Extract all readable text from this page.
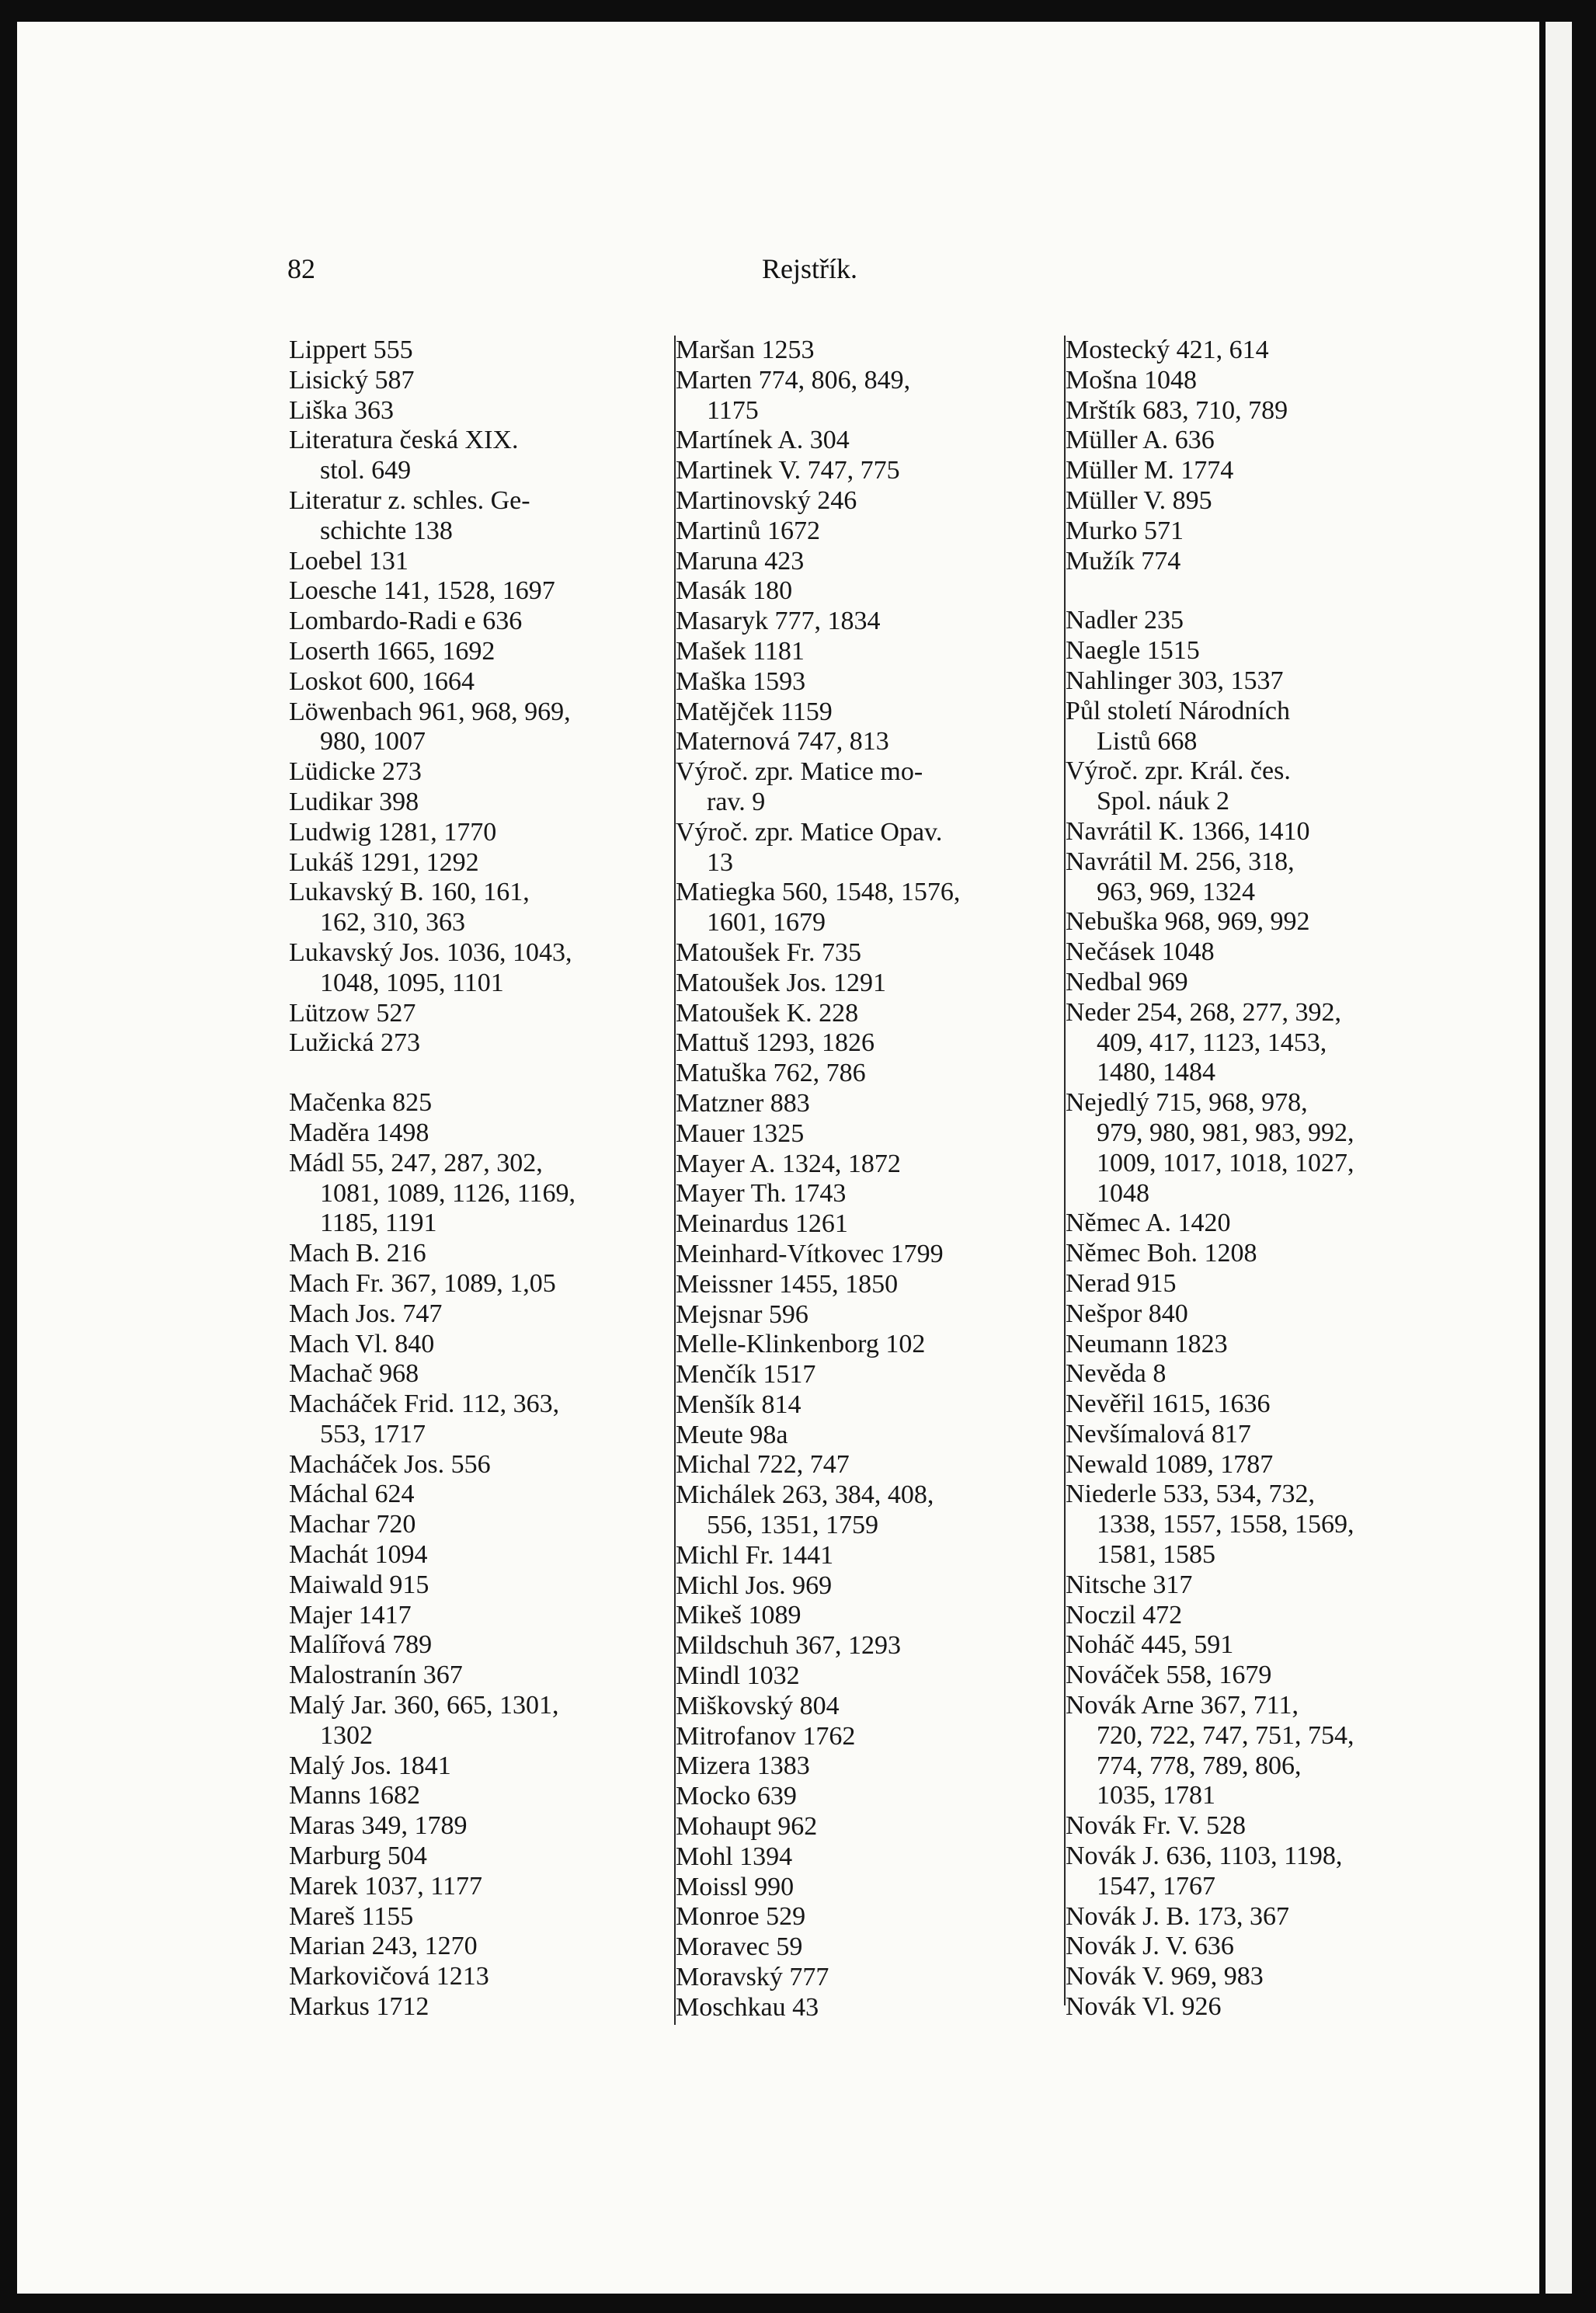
82	Rejstřík.
Lippert 555
Lisický 587
Liška 363
Literatura česká XIX.
stol. 649
Literatur z. schles. Ge-
schichte 138
Loebel 131
Loesche 141, 1528, 1697
Lombardo-Radi e 636
Loserth 1665, 1692
Loskot 600, 1664
Löwenbach 961, 968, 969,
980, 1007
Lüdicke 273
Ludikar 398
Ludwig 1281, 1770
Lukáš 1291, 1292
Lukavský B. 160, 161,
162, 310, 363
Lukavský Jos. 1036, 1043,
1048, 1095, 1101
Lützow 527
Lužická 273
Mačenka 825
Maděra 1498
Mádl 55, 247, 287, 302,
1081, 1089, 1126, 1169,
1185, 1191
Mach B. 216
Mach Fr. 367, 1089, 1,05
Mach Jos. 747
Mach Vl. 840
Machač 968
Macháček Frid. 112, 363,
553, 1717
Macháček Jos. 556
Máchal 624
Machar 720
Machát 1094
Maiwald 915
Majer 1417
Malířová 789
Malostranín 367
Malý Jar. 360, 665, 1301,
1302
Malý Jos. 1841
Manns 1682
Maras 349, 1789
Marburg 504
Marek 1037, 1177
Mareš 1155
Marian 243, 1270
Markovičová 1213
Markus 1712
Maršan 1253
Marten 774, 806, 849,
1175
Martínek A. 304
Martinek V. 747, 775
Martinovský 246
Martinů 1672
Maruna 423
Masák 180
Masaryk 777, 1834
Mašek 1181
Maška 1593
Matějček 1159
Maternová 747, 813
Výroč. zpr. Matice mo-
rav. 9
Výroč. zpr. Matice Opav.
13
Matiegka 560, 1548, 1576,
1601, 1679
Matoušek Fr. 735
Matoušek Jos. 1291
Matoušek K. 228
Mattuš 1293, 1826
Matuška 762, 786
Matzner 883
Mauer 1325
Mayer A. 1324, 1872
Mayer Th. 1743
Meinardus 1261
Meinhard-Vítkovec 1799
Meissner 1455, 1850
Mejsnar 596
Melle-Klinkenborg 102
Menčík 1517
Menšík 814
Meute 98a
Michal 722, 747
Michálek 263, 384, 408,
556, 1351, 1759
Michl Fr. 1441
Michl Jos. 969
Mikeš 1089
Mildschuh 367, 1293
Mindl 1032
Miškovský 804
Mitrofanov 1762
Mizera 1383
Mocko 639
Mohaupt 962
Mohl 1394
Moissl 990
Monroe 529
Moravec 59
Moravský 777
Moschkau 43
Mostecký 421, 614
Mošna 1048
Mrštík 683, 710, 789
Müller A. 636
Müller M. 1774
Müller V. 895
Murko 571
Mužík 774
Nadler 235
Naegle 1515
Nahlinger 303, 1537
Půl století Národních
Listů 668
Výroč. zpr. Král. čes.
Spol. náuk 2
Navrátil K. 1366, 1410
Navrátil M. 256, 318,
963, 969, 1324
Nebuška 968, 969, 992
Nečásek 1048
Nedbal 969
Neder 254, 268, 277, 392,
409, 417, 1123, 1453,
1480, 1484
Nejedlý 715, 968, 978,
979, 980, 981, 983, 992,
1009, 1017, 1018, 1027,
1048
Němec A. 1420
Němec Boh. 1208
Nerad 915
Nešpor 840
Neumann 1823
Nevěda 8
Nevěřil 1615, 1636
Nevšímalová 817
Newald 1089, 1787
Niederle 533, 534, 732,
1338, 1557, 1558, 1569,
1581, 1585
Nitsche 317
Noczil 472
Noháč 445, 591
Nováček 558, 1679
Novák Arne 367, 711,
720, 722, 747, 751, 754,
774, 778, 789, 806,
1035, 1781
Novák Fr. V. 528
Novák J. 636, 1103, 1198,
1547, 1767
Novák J. B. 173, 367
Novák J. V. 636
Novák V. 969, 983
Novák Vl. 926
